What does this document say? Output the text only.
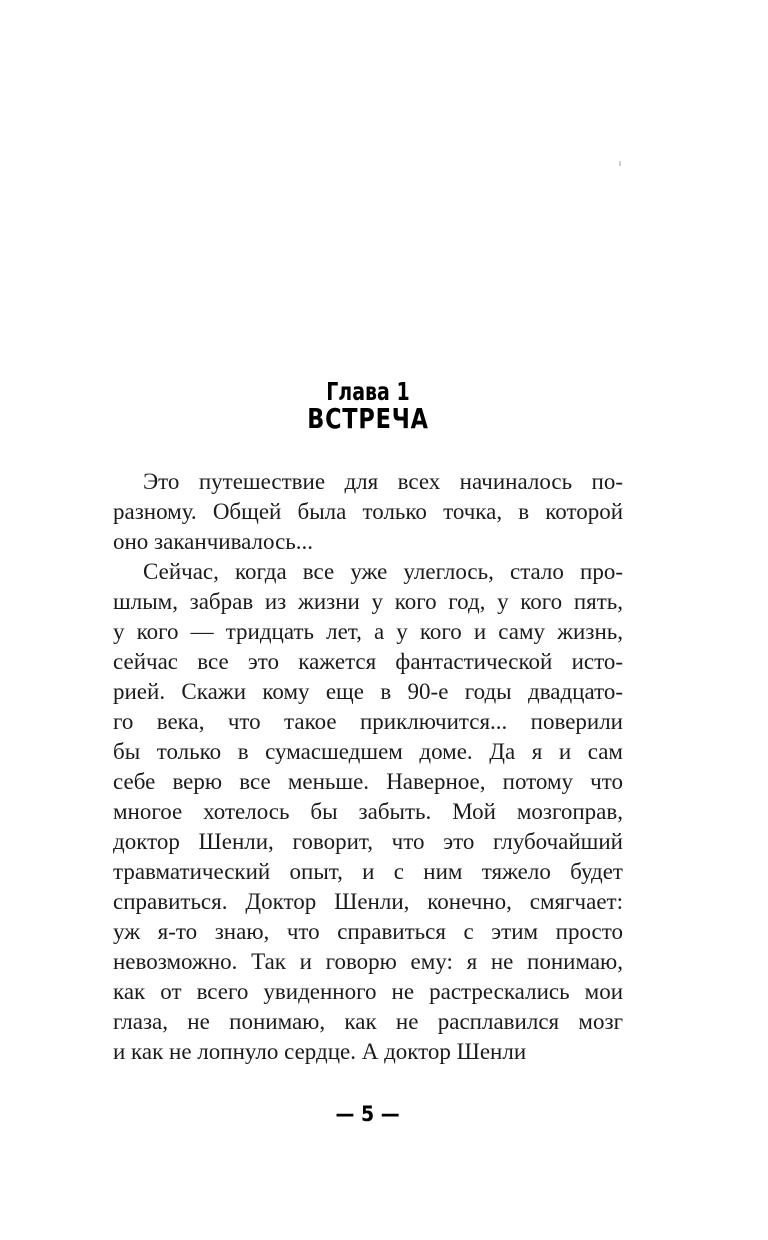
Глава 1
ВСТРЕЧА
Это путешествие для всех начиналось по-
разному. Общей была только точка, в которой
оно заканчивалось...
Сейчас, когда все уже улеглось, стало про-
шлым, забрав из жизни у кого год, у кого пять,
у кого — тридцать лет, а у кого и саму жизнь,
сейчас все это кажется фантастической исто-
рией. Скажи кому еще в 90-е годы двадцато-
го века, что такое приключится... поверили
бы только в сумасшедшем доме. Да я и сам
себе верю все меньше. Наверное, потому что
многое хотелось бы забыть. Мой мозгоправ,
доктор Шенли, говорит, что это глубочайший
травматический опыт, и с ним тяжело будет
справиться. Доктор Шенли, конечно, смягчает:
уж я-то знаю, что справиться с этим просто
невозможно. Так и говорю ему: я не понимаю,
как от всего увиденного не растрескались мои
глаза, не понимаю, как не расплавился мозг
и как не лопнуло сердце. А доктор Шенли
— 5 —
